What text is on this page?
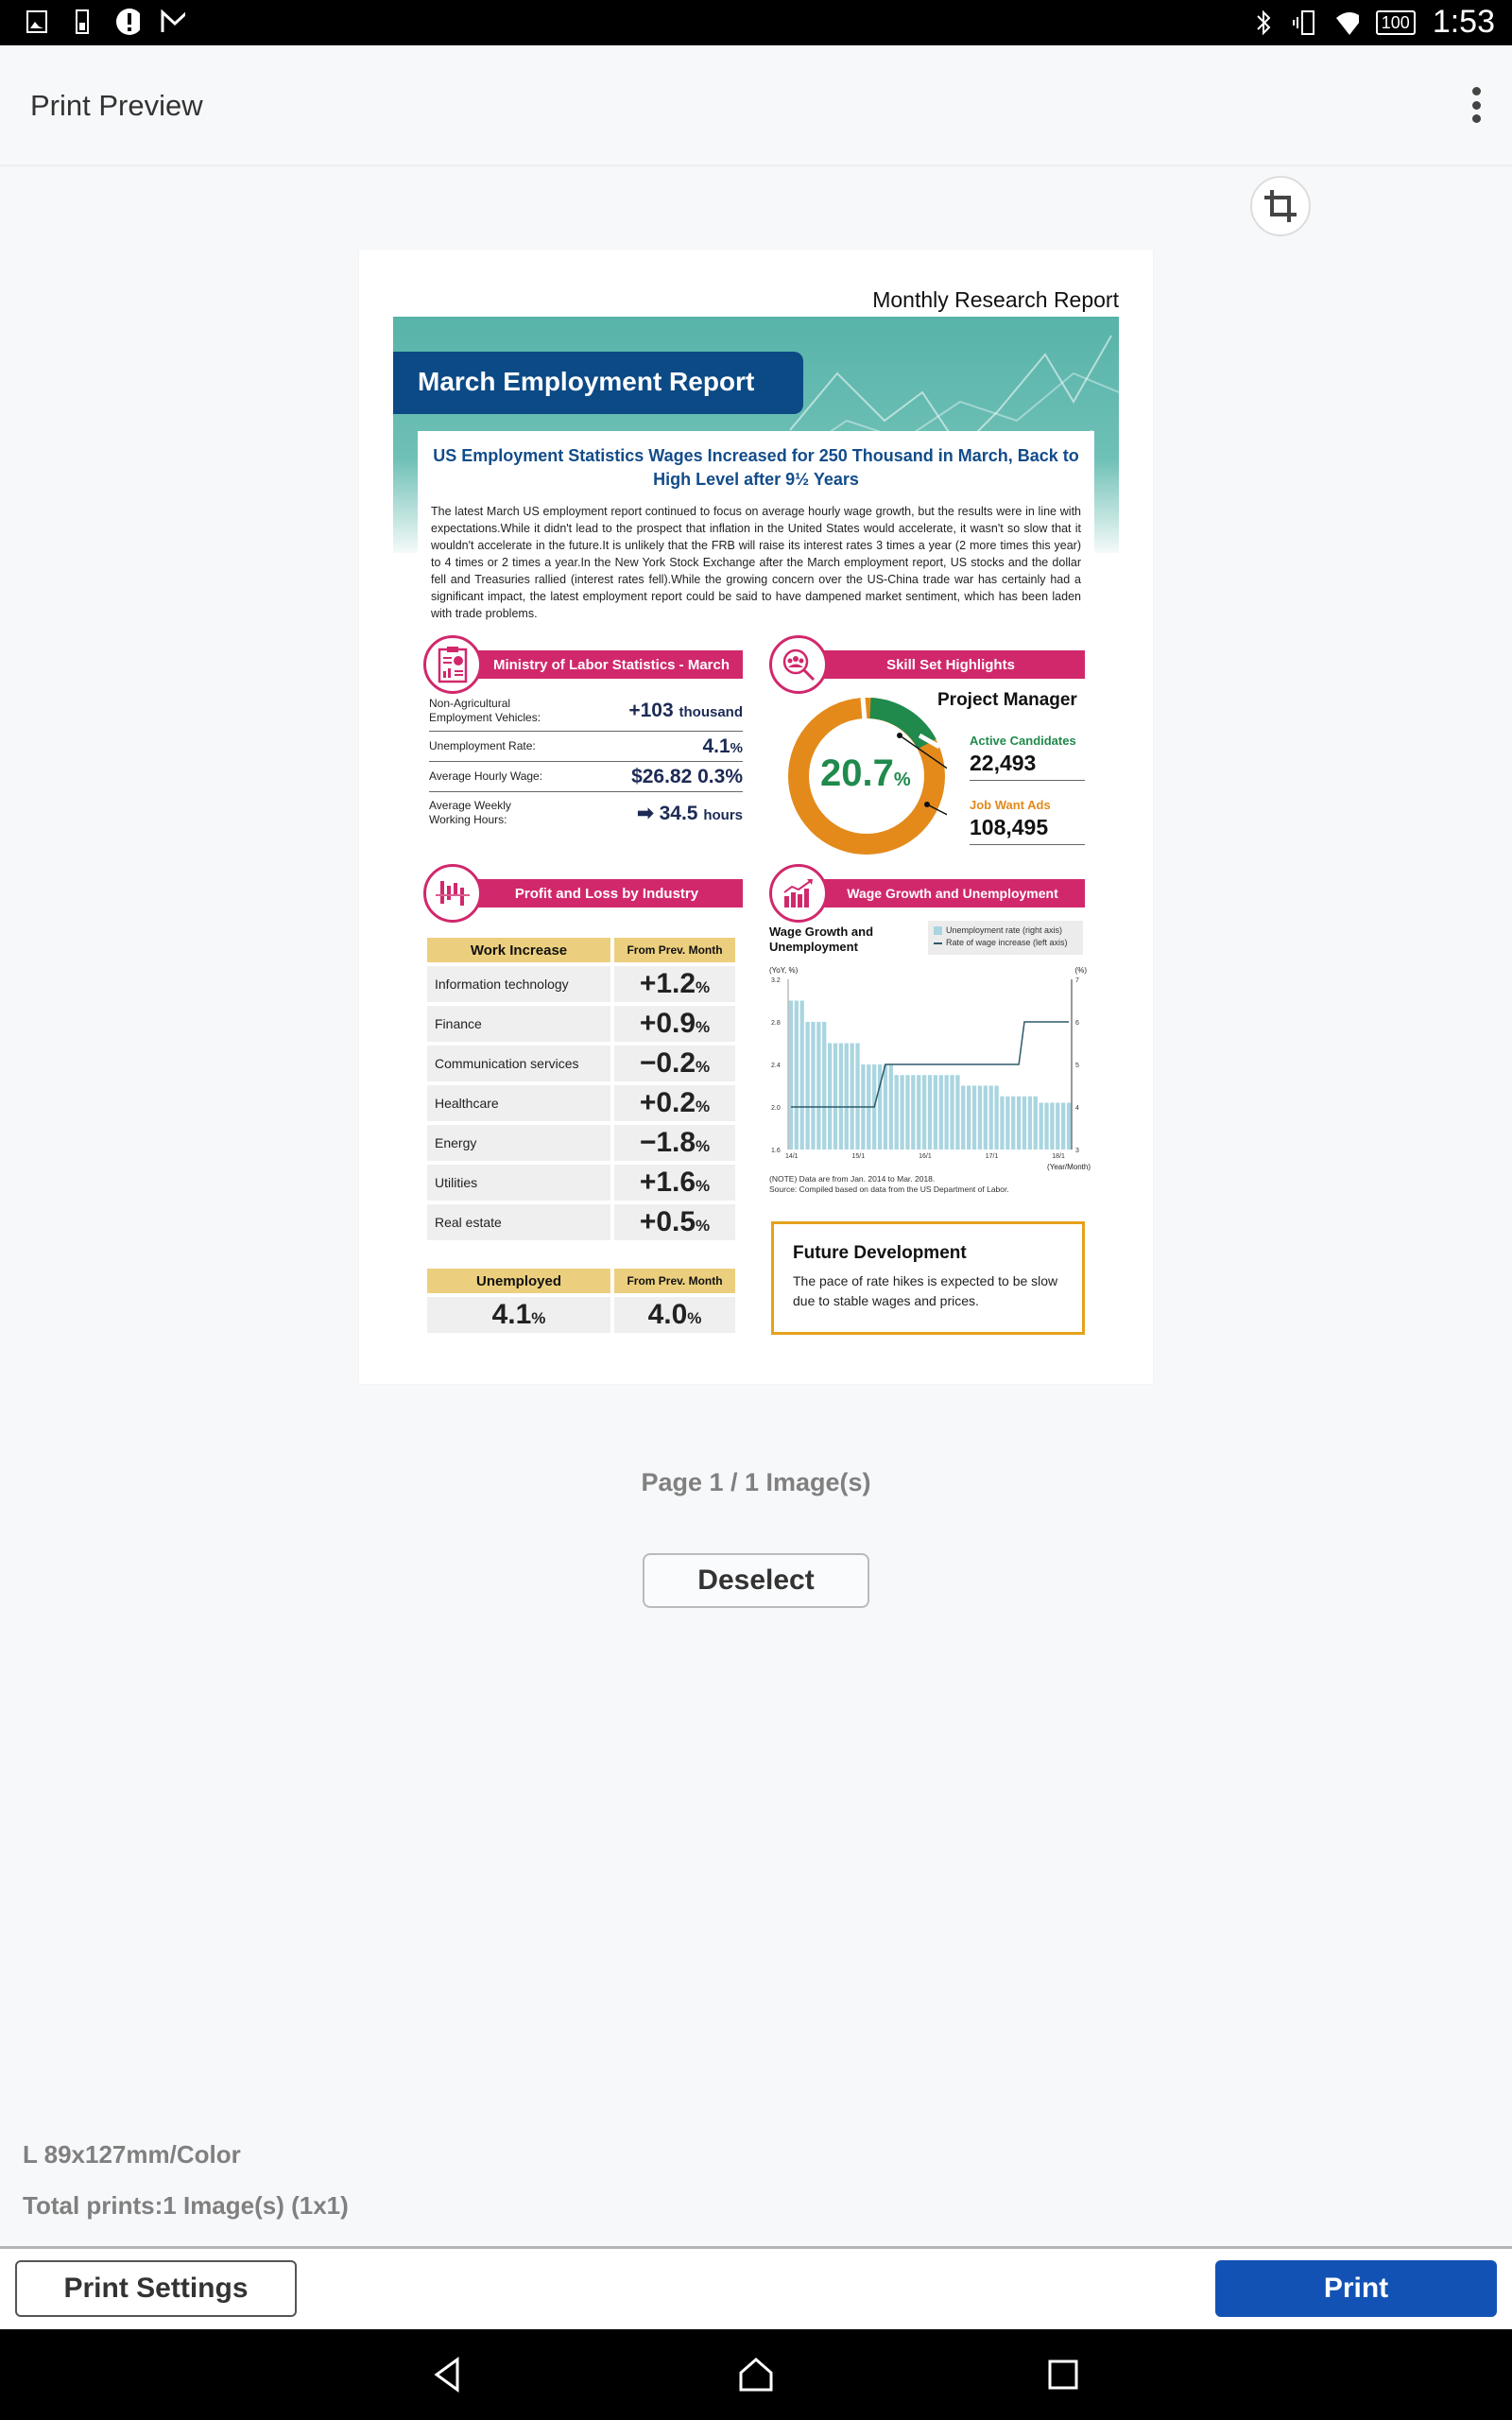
100 1:53
Print Preview
Monthly Research Report
March Employment Report
US Employment Statistics Wages Increased for 250 Thousand in March, Back to High Level after 9½ Years

The latest March US employment report continued to focus on average hourly wage growth, but the results were in line with expectations.While it didn't lead to the prospect that inflation in the United States would accelerate, it wasn't so slow that it wouldn't accelerate in the future.It is unlikely that the FRB will raise its interest rates 3 times a year (2 more times this year) to 4 times or 2 times a year.In the New York Stock Exchange after the March employment report, US stocks and the dollar fell and Treasuries rallied (interest rates fell).While the growing concern over the US-China trade war has certainly had a significant impact, the latest employment report could be said to have dampened market sentiment, which has been laden with trade problems.

Ministry of Labor Statistics - March
Non-Agricultural
Employment Vehicles:	+103 thousand
Unemployment Rate:	4.1%
Average Hourly Wage:	$26.82 0.3%
Average Weekly
Working Hours:	➡ 34.5 hours
Skill Set Highlights
20.7%
Project Manager
Active Candidates
22,493
Job Want Ads
108,495
Profit and Loss by Industry
Work Increase	From Prev. Month
Information technology	+1.2 %
Finance	+0.9 %
Communication services	−0.2 %
Healthcare	+0.2 %
Energy	−1.8 %
Utilities	+1.6 %
Real estate	+0.5 %
Unemployed	From Prev. Month
4.1 %	4.0 %
Wage Growth and Unemployment
Wage Growth and Unemployment
Unemployment rate (right axis)
Rate of wage increase (left axis)
(YoY, %)	(%)
1.6
2.0
2.4
2.8
3.2
3
4
5
6
7
14/1	15/1	16/1	17/1	18/1
(Year/Month)
(NOTE) Data are from Jan. 2014 to Mar. 2018.
Source: Compiled based on data from the US Department of Labor.
Future Development

The pace of rate hikes is expected to be slow due to stable wages and prices.

Page 1 / 1 Image(s)
Deselect
L 89x127mm/Color
Total prints:1 Image(s) (1x1)
Print Settings	Print
